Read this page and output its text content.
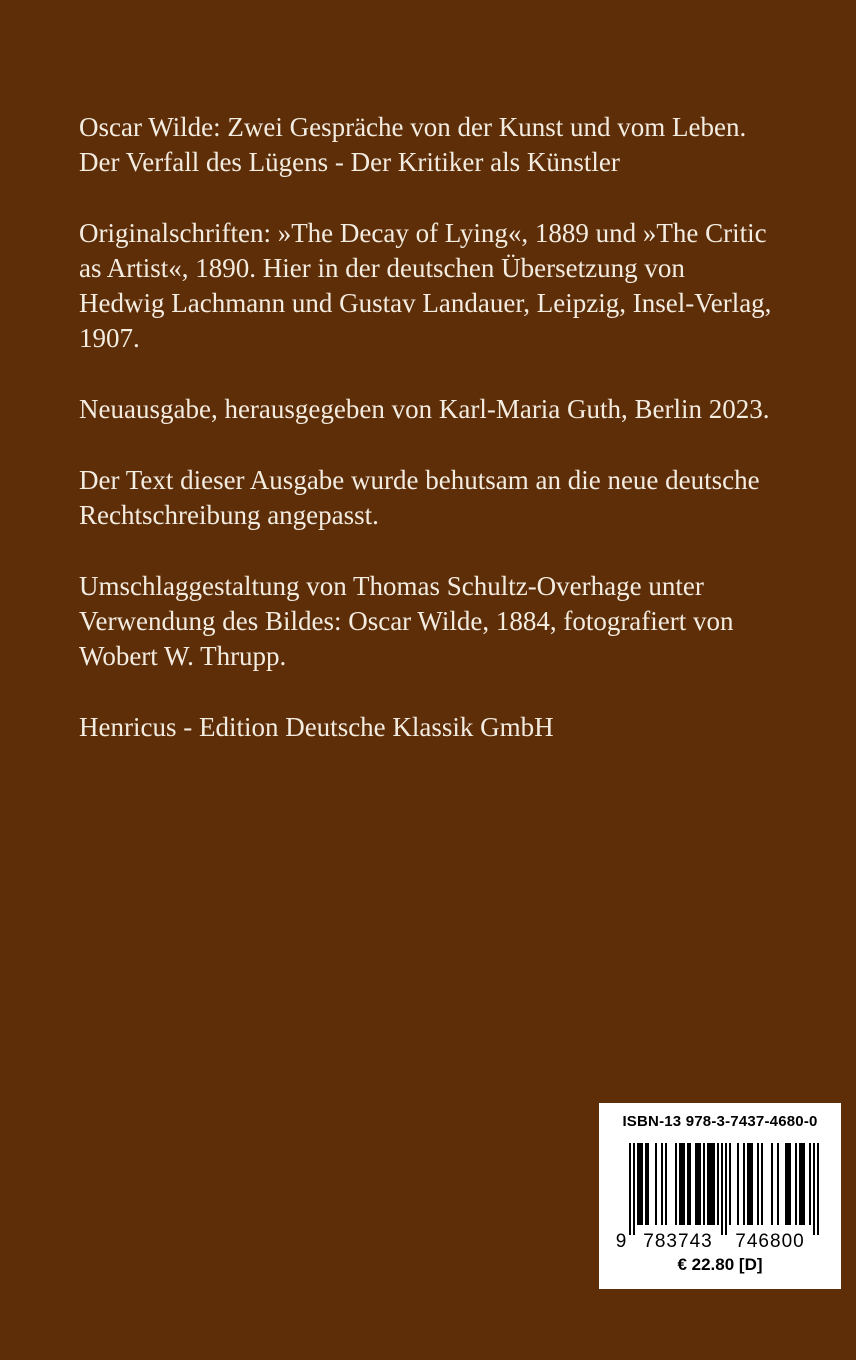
Oscar Wilde: Zwei Gespräche von der Kunst und vom Leben.
Der Verfall des Lügens - Der Kritiker als Künstler
Originalschriften: »The Decay of Lying«, 1889 und »The Critic
as Artist«, 1890. Hier in der deutschen Übersetzung von
Hedwig Lachmann und Gustav Landauer, Leipzig, Insel-Verlag,
1907.
Neuausgabe, herausgegeben von Karl-Maria Guth, Berlin 2023.
Der Text dieser Ausgabe wurde behutsam an die neue deutsche
Rechtschreibung angepasst.
Umschlaggestaltung von Thomas Schultz-Overhage unter
Verwendung des Bildes: Oscar Wilde, 1884, fotografiert von
Wobert W. Thrupp.
Henricus - Edition Deutsche Klassik GmbH
ISBN-13 978-3-7437-4680-0
9 783743 746800
€ 22.80 [D]
